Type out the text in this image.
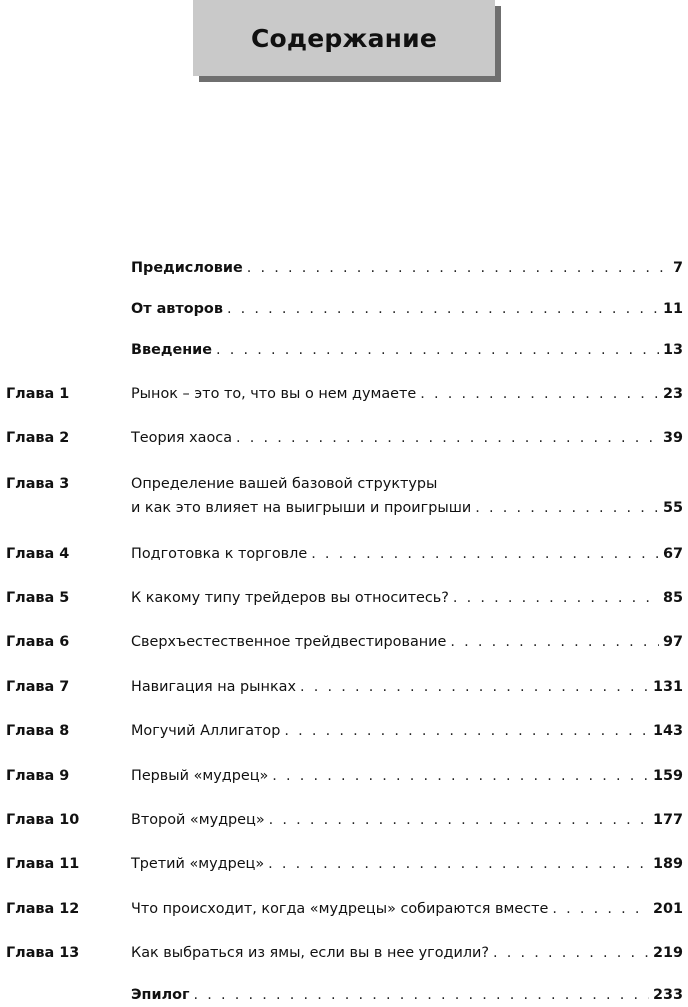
Содержание
Предисловие . . .	7
От авторов . . .	11
Введение . . .	13
Глава 1	Рынок – это то, что вы о нем думаете . . .	23
Глава 2	Теория хаоса . . .	39
Глава 3	Определение вашей базовой структуры
и как это влияет на выигрыши и проигрыши . . .	55
Глава 4	Подготовка к торговле . . .	67
Глава 5	К какому типу трейдеров вы относитесь? . . .	85
Глава 6	Сверхъестественное трейдвестирование . . .	97
Глава 7	Навигация на рынках . . .	131
Глава 8	Могучий Аллигатор . . .	143
Глава 9	Первый «мудрец» . . .	159
Глава 10	Второй «мудрец» . . .	177
Глава 11	Третий «мудрец» . . .	189
Глава 12	Что происходит, когда «мудрецы» собираются вместе . . .	201
Глава 13	Как выбраться из ямы, если вы в нее угодили? . . .	219
Эпилог . . .	233
